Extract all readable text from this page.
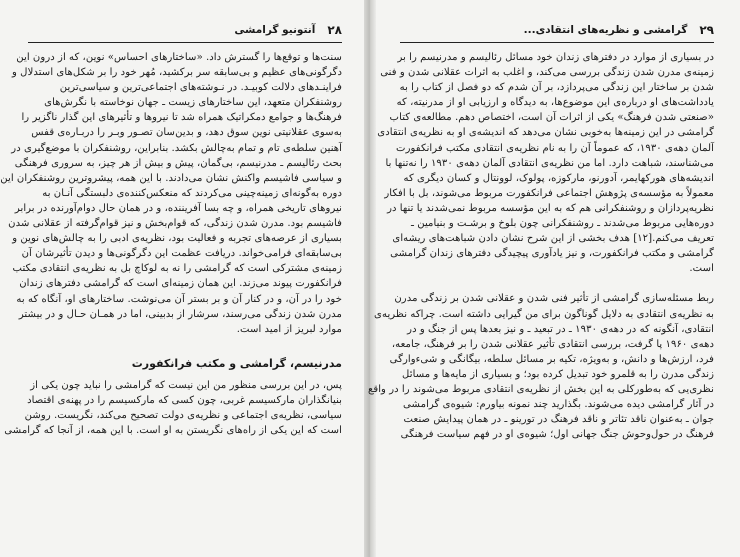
۲۸
آنتونیو گرامشی
سنت‌ها و توقع‌ها را گسترش داد. «ساختارهای احساس» نوین، که از درون این
دگرگونی‌های عظیم و بی‌سابقه سر برکشید، مُهر خود را بر شکل‌های استدلال و
فراینـدهای دلالت کوبیـد. در نـوشته‌های اجتماعی‌ترین و سیاسی‌ترین
روشنفکران متعهد، این ساختارهای زیست ـ جهان نوخاسته با نگرش‌های
فرهنگ‌ها و جوامع دمکراتیک همراه شد تا نیروها و تأثیرهای این گذار ناگزیر را
به‌سوی عقلانیتی نوین سوق دهد، و بدین‌سان تصـور وبـر را دربـاره‌ی قفس
آهنین سلطه‌ی تام و تمام به‌چالش بکشد. بنابراین، روشنفکران با موضع‌گیری در
بحث رئالیسم ـ مدرنیسم، بی‌گمان، پیش و بیش از هر چیز، به سروری فرهنگی
و سیاسی فاشیسم واکنش نشان می‌دادند. با این همه، پیشروترین روشنفکران این
دوره به‌گونه‌ای زمینه‌چینی می‌کردند که منعکس‌کننده‌ی دلبستگی آنـان به
نیروهای تاریخی همراه، و چه بسا آفریننده، و در همان حال دوام‌آورنده در برابر
فاشیسم بود. مدرن شدن زندگی، که قوام‌بخش و نیز قوام‌گرفته از عقلانی شدن
بسیاری از عرصه‌های تجربه و فعالیت بود، نظریه‌ی ادبی را به چالش‌های نوین و
بی‌سابقه‌ای فرامی‌خواند. دریافت عظمت این دگرگونی‌ها و دیدن تأثیرشان آن
زمینه‌ی مشترکی است که گرامشی را نه به لوکاچ بل به نظریه‌ی انتقادی مکتب
فرانکفورت پیوند می‌زند. این همان زمینه‌ای است که گرامشی دفترهای زندان
خود را در آن، و در کنار آن و بر بستر آن می‌نوشت. ساختارهای او، آنگاه که به
مدرن شدن زندگی می‌رسند، سرشار از بدبینی، اما در همـان حـال و در بیشتر
موارد لبریز از امید است.
مدرنیسم، گرامشی و مکتب فرانکفورت
پس، در این بررسی منظور من این نیست که گرامشی را نباید چون یکی از
بنیانگذاران مارکسیسم غربی، چون کسی که مارکسیسم را در پهنه‌ی اقتصاد
سیاسی، نظریه‌ی اجتماعی و نظریه‌ی دولت تصحیح می‌کند، نگریست. روشن
است که این یکی از راه‌های نگریستن به او است. با این همه، از آنجا که گرامشی
۲۹
گرامشی و نظریه‌های انتقادی...
در بسیاری از موارد در دفترهای زندان خود مسائل رئالیسم و مدرنیسم را بر
زمینه‌ی مدرن شدن زندگی بررسی می‌کند، و اغلب به اثرات عقلانی شدن و فنی
شدن بر ساختار این زندگی می‌پردازد، بر آن شدم که دو فصل از کتاب را به
یادداشت‌های او درباره‌ی این موضوع‌ها، به دیدگاه و ارزیابی او از مدرنیته، که
«صنعتی شدن فرهنگ» یکی از اثرات آن است، اختصاص دهم. مطالعه‌ی کتاب
گرامشی در این زمینه‌ها به‌خوبی نشان می‌دهد که اندیشه‌ی او به نظریه‌ی انتقادی
آلمان دهه‌ی ۱۹۳۰، که عموماً آن را به نام نظریه‌ی انتقادی مکتب فرانکفورت
می‌شناسند، شباهت دارد. اما من نظریه‌ی انتقادی آلمان دهه‌ی ۱۹۳۰ را نه‌تنها با
اندیشه‌های هورکهایمر، آدورنو، مارکوزه، پولوک، لوونتال و کسان دیگری که
معمولاً به مؤسسه‌ی پژوهش اجتماعی فرانکفورت مربوط می‌شوند، بل با افکار
نظریه‌پردازان و روشنفکرانی هم که به این مؤسسه مربوط نمی‌شدند یا تنها در
دوره‌هایی مربوط می‌شدند ـ روشنفکرانی چون بلوخ و برشـت و بنیامین ـ
تعریف می‌کنم.[۱۲] هدف بخشی از این شرح نشان دادن شباهت‌های ریشه‌ای
گرامشی و مکتب فرانکفورت، و نیز یادآوری پیچیدگی دفترهای زندان گرامشی
است.
ربط مسئله‌سازی گرامشی از تأثیر فنی شدن و عقلانی شدن بر زندگی مدرن
به نظریه‌ی انتقادی به دلایل گوناگون برای من گیرایی داشته است. چراکه نظریه‌ی
انتقادی، آنگونه که در دهه‌ی ۱۹۳۰ ـ در تبعید ـ و نیز بعدها پس از جنگ و در
دهه‌ی ۱۹۶۰ پا گرفت، بررسی انتقادی تأثیر عقلانی شدن را بر فرهنگ، جامعه،
فرد، ارزش‌ها و دانش، و به‌ویژه، تکیه بر مسائل سلطه، بیگانگی و شیءوارگی
زندگی مدرن را به قلمرو خود تبدیل کرده بود؛ و بسیاری از مایه‌ها و مسائل
نظری‌یی که به‌طورکلی به این بخش از نظریه‌ی انتقادی مربوط می‌شوند را در واقع
در آثار گرامشی دیده می‌شوند. بگذارید چند نمونه بیاورم: شیوه‌ی گرامشی
جوان ـ به‌عنوان ناقد تئاتر و ناقد فرهنگ در تورینو ـ در همان پیدایش صنعت
فرهنگ در حول‌وحوش جنگ جهانی اول؛ شیوه‌ی او در فهم سیاست فرهنگی
